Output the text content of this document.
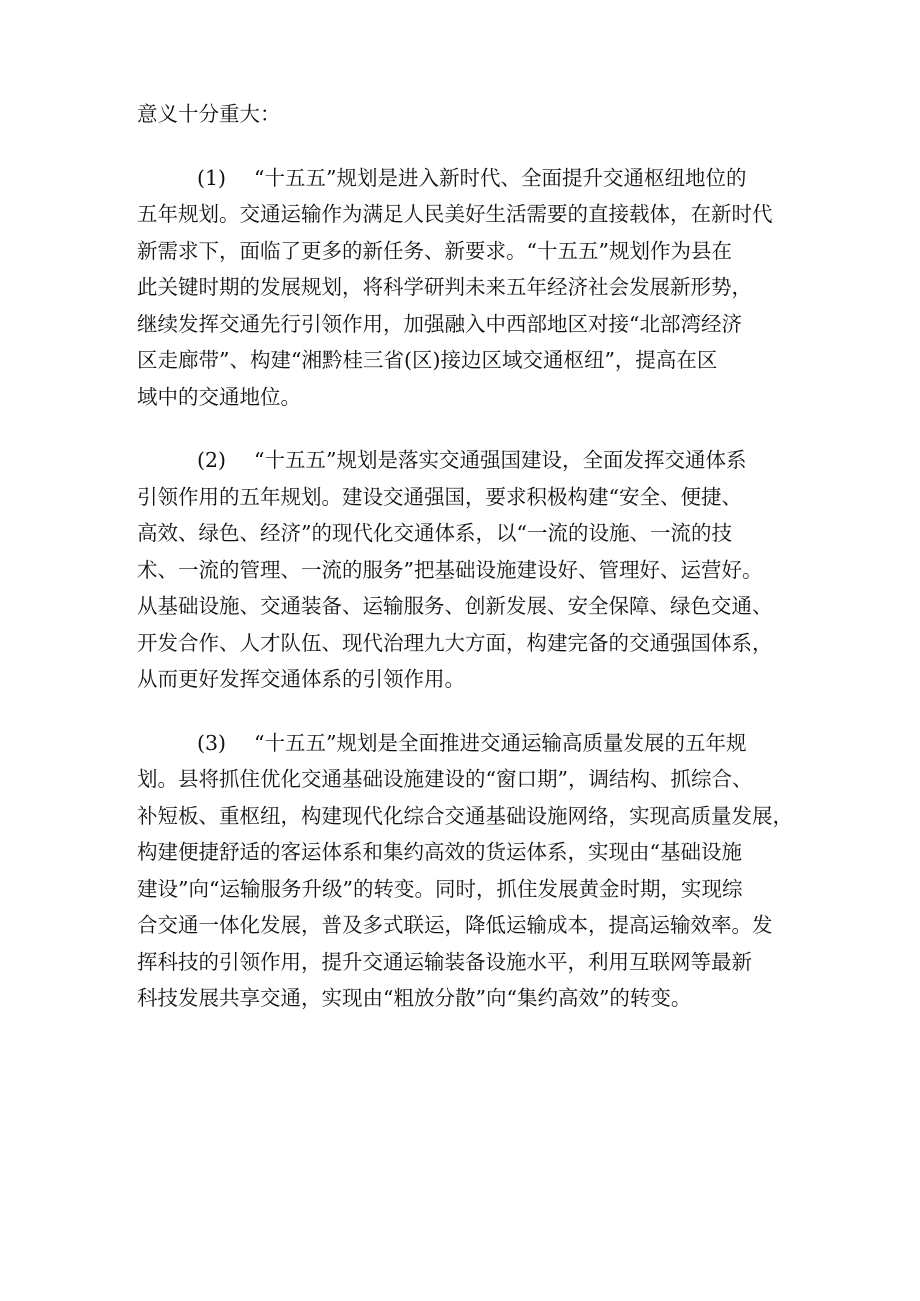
意义十分重大：
(1) “十五五”规划是进入新时代、全面提升交通枢纽地位的
五年规划。交通运输作为满足人民美好生活需要的直接载体，在新时代
新需求下，面临了更多的新任务、新要求。“十五五”规划作为县在
此关键时期的发展规划，将科学研判未来五年经济社会发展新形势，
继续发挥交通先行引领作用，加强融入中西部地区对接“北部湾经济
区走廊带”、构建“湘黔桂三省(区)接边区域交通枢纽”，提高在区
域中的交通地位。
(2) “十五五”规划是落实交通强国建设，全面发挥交通体系
引领作用的五年规划。建设交通强国，要求积极构建“安全、便捷、
高效、绿色、经济”的现代化交通体系，以“一流的设施、一流的技
术、一流的管理、一流的服务”把基础设施建设好、管理好、运营好。
从基础设施、交通装备、运输服务、创新发展、安全保障、绿色交通、
开发合作、人才队伍、现代治理九大方面，构建完备的交通强国体系，
从而更好发挥交通体系的引领作用。
(3) “十五五”规划是全面推进交通运输高质量发展的五年规
划。县将抓住优化交通基础设施建设的“窗口期”，调结构、抓综合、
补短板、重枢纽，构建现代化综合交通基础设施网络，实现高质量发展，
构建便捷舒适的客运体系和集约高效的货运体系，实现由“基础设施
建设”向“运输服务升级”的转变。同时，抓住发展黄金时期，实现综
合交通一体化发展，普及多式联运，降低运输成本，提高运输效率。发
挥科技的引领作用，提升交通运输装备设施水平，利用互联网等最新
科技发展共享交通，实现由“粗放分散”向“集约高效”的转变。
